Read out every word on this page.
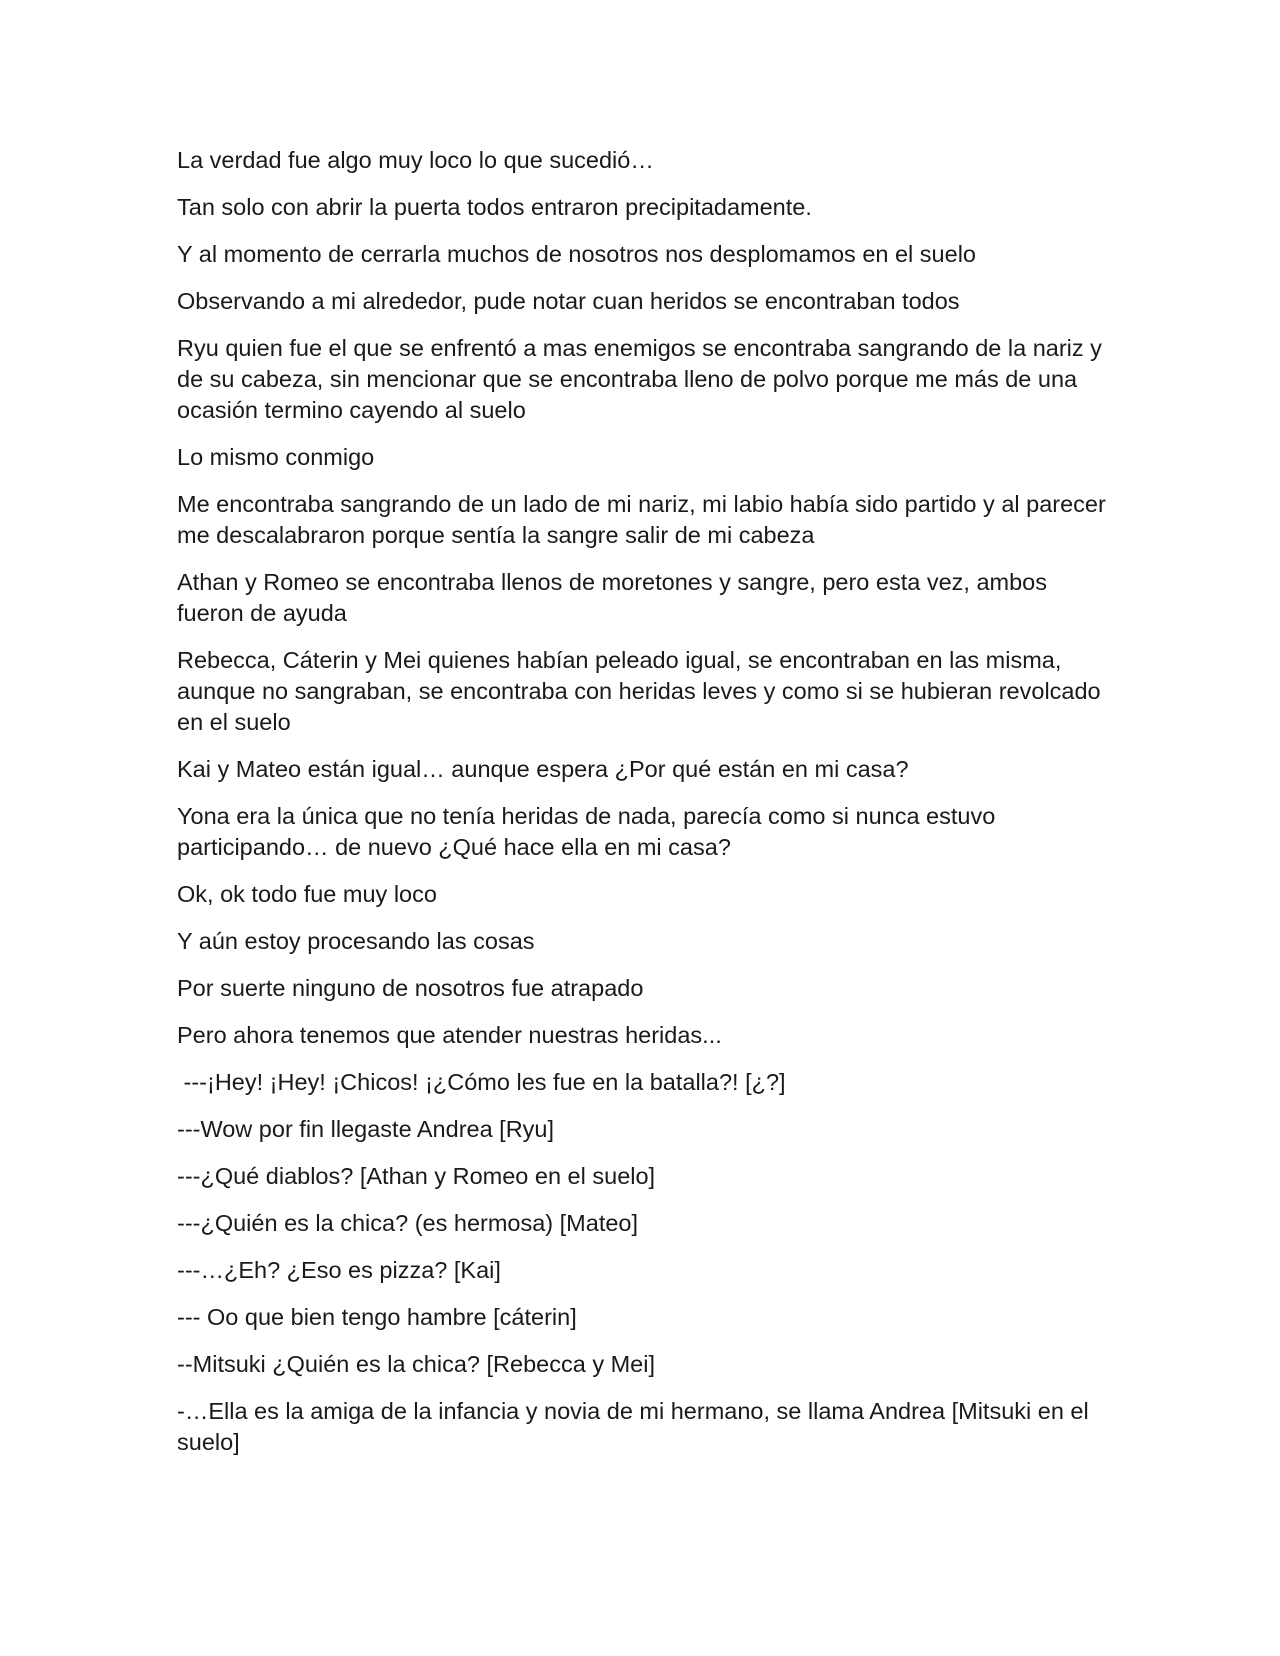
La verdad fue algo muy loco lo que sucedió…

Tan solo con abrir la puerta todos entraron precipitadamente.

Y al momento de cerrarla muchos de nosotros nos desplomamos en el suelo

Observando a mi alrededor, pude notar cuan heridos se encontraban todos

Ryu quien fue el que se enfrentó a mas enemigos se encontraba sangrando de la nariz y de su cabeza, sin mencionar que se encontraba lleno de polvo porque me más de una ocasión termino cayendo al suelo

Lo mismo conmigo

Me encontraba sangrando de un lado de mi nariz, mi labio había sido partido y al parecer me descalabraron porque sentía la sangre salir de mi cabeza

Athan y Romeo se encontraba llenos de moretones y sangre, pero esta vez, ambos fueron de ayuda

Rebecca, Cáterin y Mei quienes habían peleado igual, se encontraban en las misma, aunque no sangraban, se encontraba con heridas leves y como si se hubieran revolcado en el suelo

Kai y Mateo están igual… aunque espera ¿Por qué están en mi casa?

Yona era la única que no tenía heridas de nada, parecía como si nunca estuvo participando… de nuevo ¿Qué hace ella en mi casa?

Ok, ok todo fue muy loco

Y aún estoy procesando las cosas

Por suerte ninguno de nosotros fue atrapado

Pero ahora tenemos que atender nuestras heridas...

---¡Hey! ¡Hey! ¡Chicos! ¡¿Cómo les fue en la batalla?! [¿?]

---Wow por fin llegaste Andrea [Ryu]

---¿Qué diablos? [Athan y Romeo en el suelo]

---¿Quién es la chica? (es hermosa) [Mateo]

---…¿Eh? ¿Eso es pizza? [Kai]

--- Oo que bien tengo hambre [cáterin]

--Mitsuki ¿Quién es la chica? [Rebecca y Mei]

-…Ella es la amiga de la infancia y novia de mi hermano, se llama Andrea [Mitsuki en el suelo]
